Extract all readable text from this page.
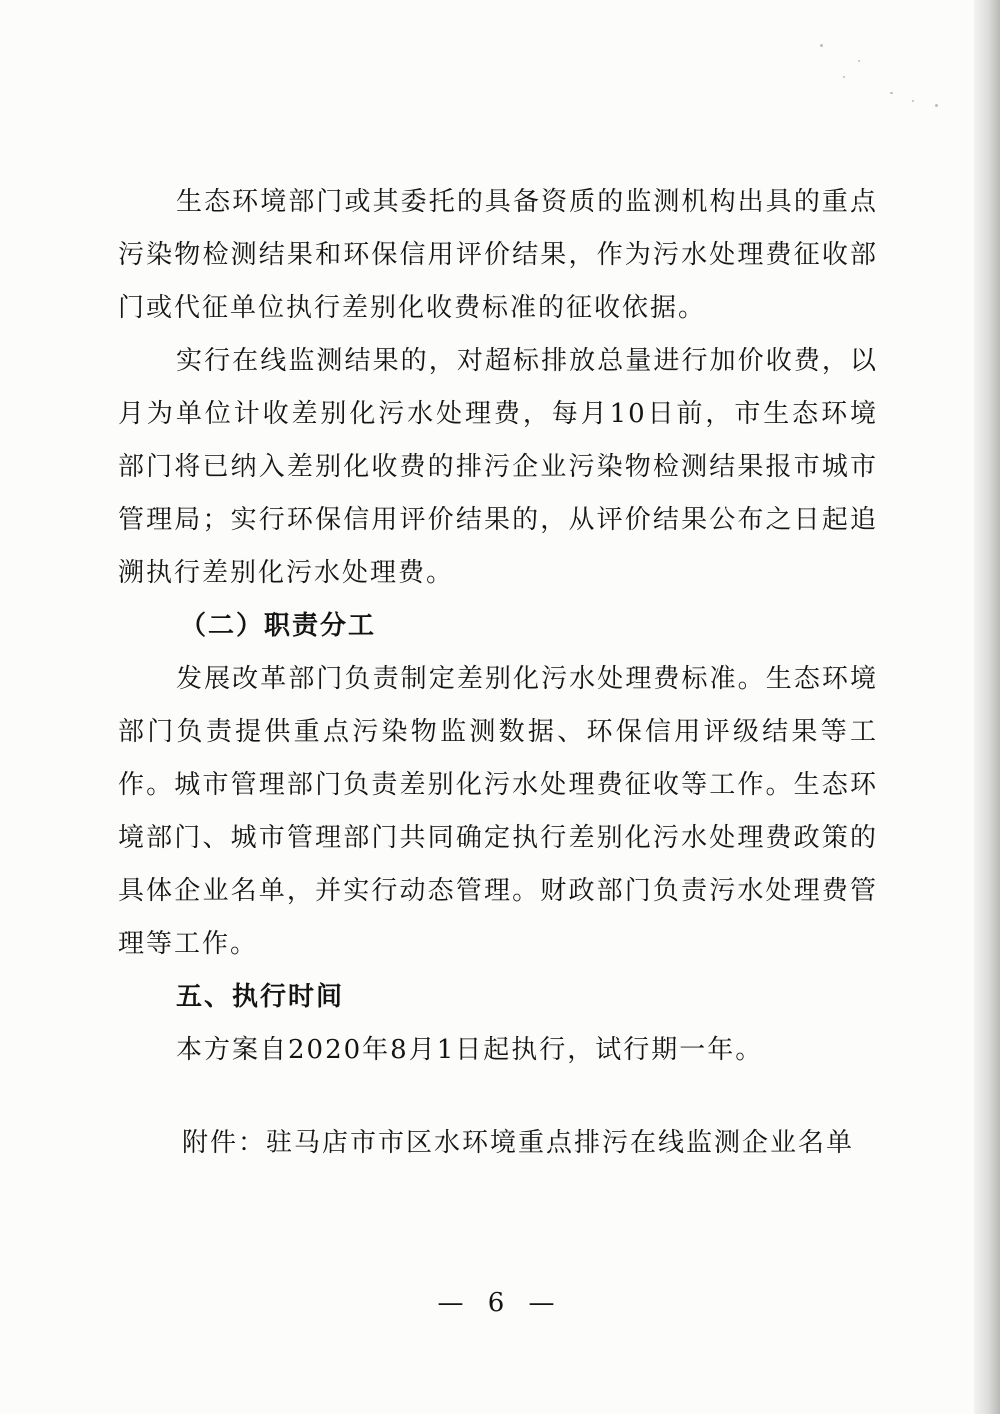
生态环境部门或其委托的具备资质的监测机构出具的重点污染物检测结果和环保信用评价结果，作为污水处理费征收部门或代征单位执行差别化收费标准的征收依据。

实行在线监测结果的，对超标排放总量进行加价收费，以月为单位计收差别化污水处理费，每月10日前，市生态环境部门将已纳入差别化收费的排污企业污染物检测结果报市城市管理局；实行环保信用评价结果的，从评价结果公布之日起追溯执行差别化污水处理费。

（二）职责分工

发展改革部门负责制定差别化污水处理费标准。生态环境部门负责提供重点污染物监测数据、环保信用评级结果等工作。城市管理部门负责差别化污水处理费征收等工作。生态环境部门、城市管理部门共同确定执行差别化污水处理费政策的具体企业名单，并实行动态管理。财政部门负责污水处理费管理等工作。

五、执行时间

本方案自2020年8月1日起执行，试行期一年。

附件：驻马店市市区水环境重点排污在线监测企业名单

— 6 —
